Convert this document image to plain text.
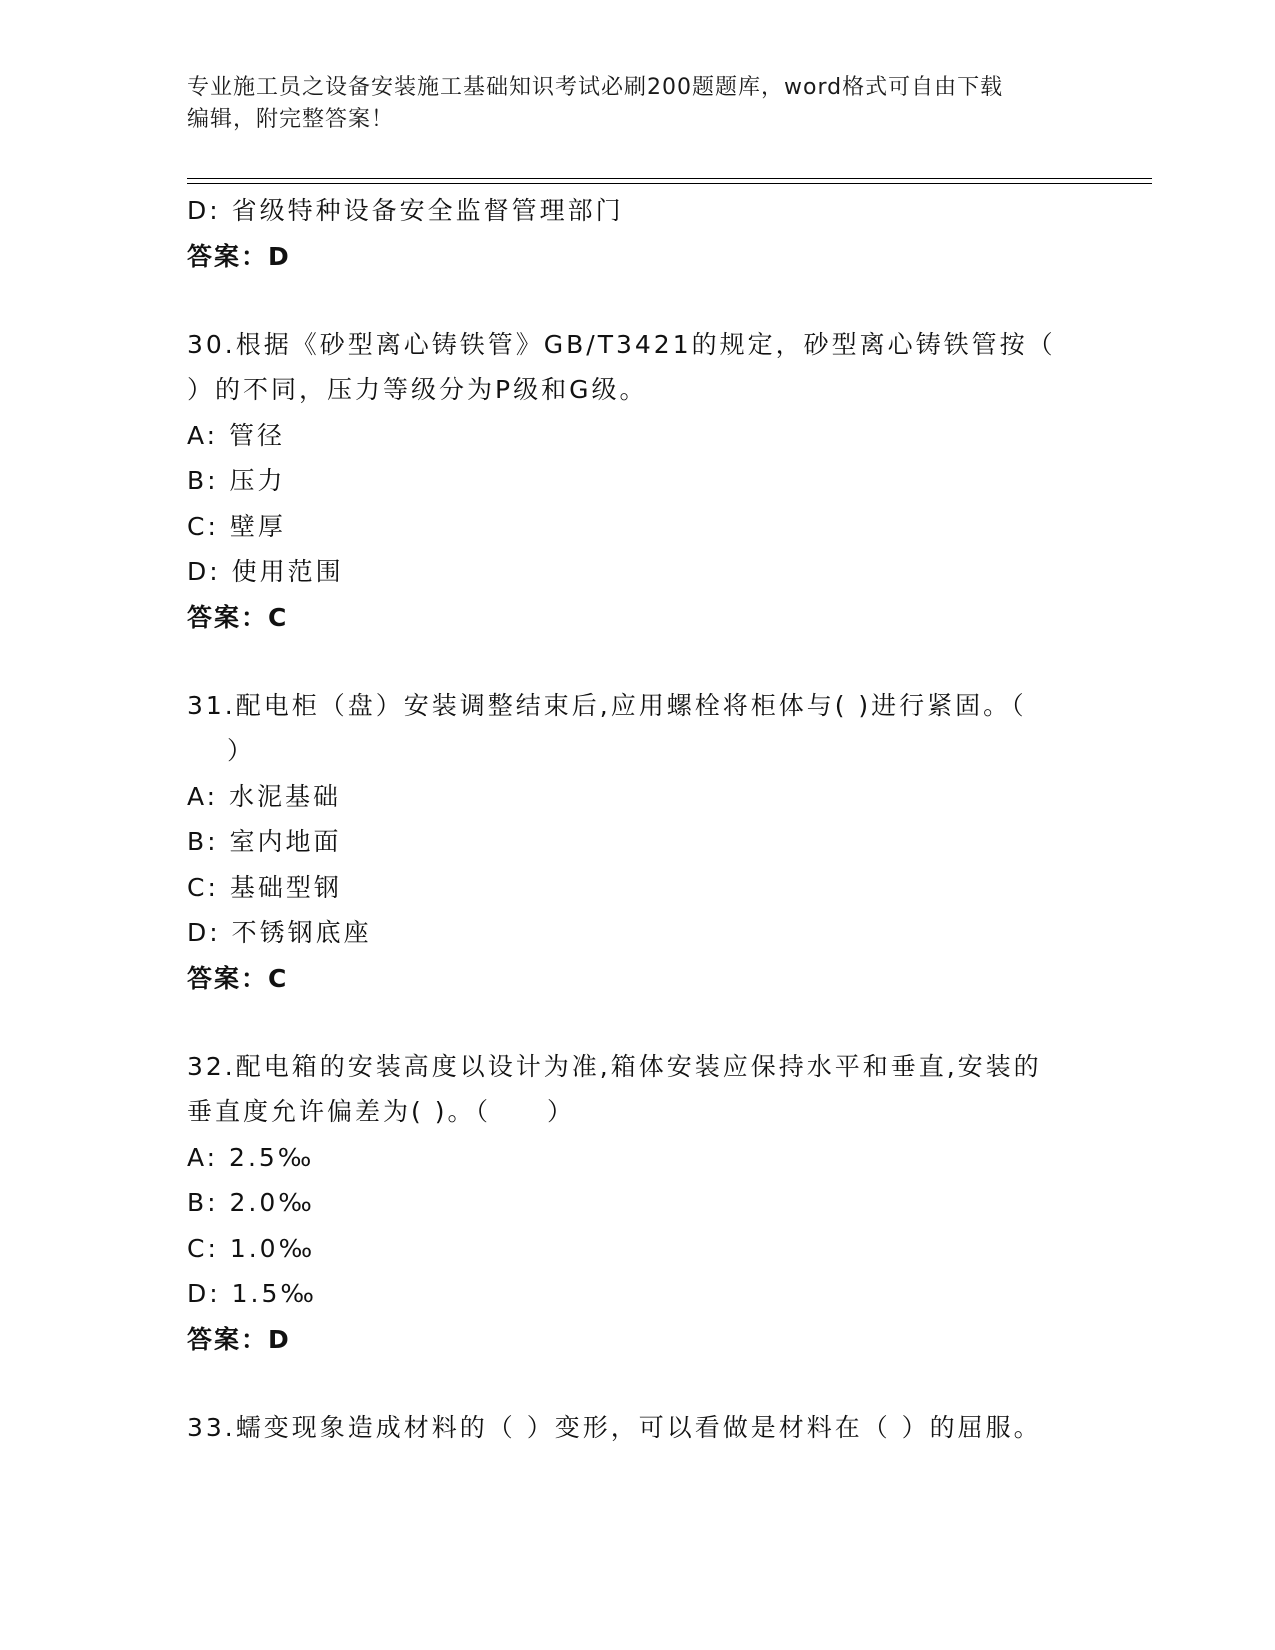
专业施工员之设备安装施工基础知识考试必刷200题题库，word格式可自由下载
编辑，附完整答案！
D: 省级特种设备安全监督管理部门
答案：D
30.根据《砂型离心铸铁管》GB/T3421的规定，砂型离心铸铁管按（
）的不同，压力等级分为P级和G级。
A: 管径
B: 压力
C: 壁厚
D: 使用范围
答案：C
31.配电柜（盘）安装调整结束后,应用螺栓将柜体与( )进行紧固。（
）
A: 水泥基础
B: 室内地面
C: 基础型钢
D: 不锈钢底座
答案：C
32.配电箱的安装高度以设计为准,箱体安装应保持水平和垂直,安装的
垂直度允许偏差为( )。（　　）
A: 2.5‰
B: 2.0‰
C: 1.0‰
D: 1.5‰
答案：D
33.蠕变现象造成材料的（ ）变形，可以看做是材料在（ ）的屈服。
